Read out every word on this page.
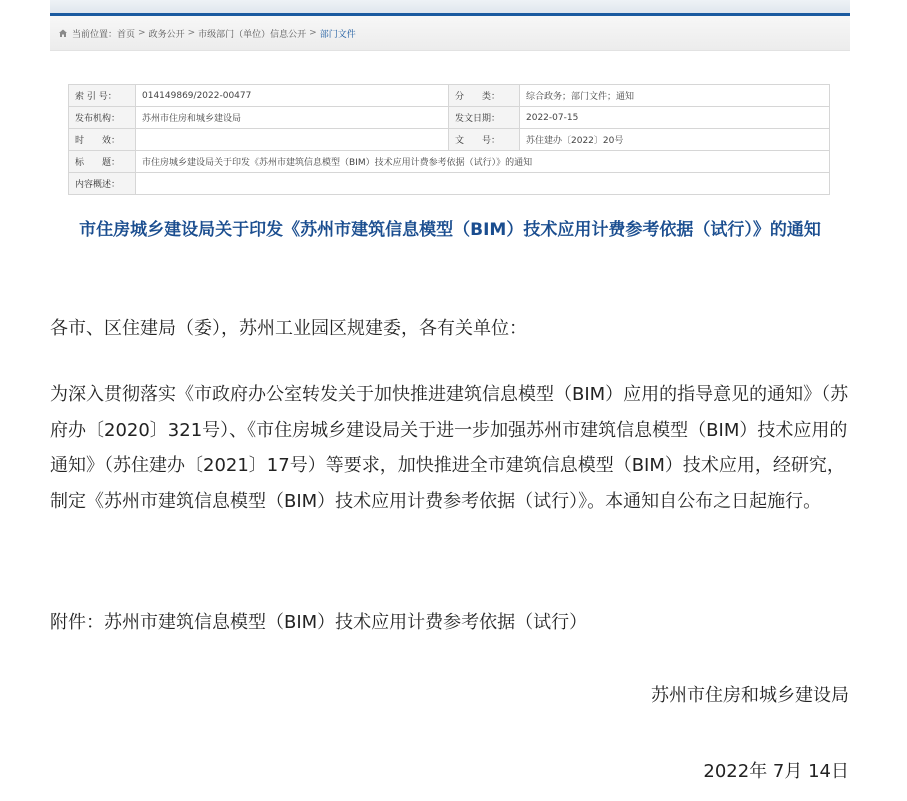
当前位置： 首页 > 政务公开 > 市级部门（单位）信息公开 > 部门文件
索 引 号：	014149869/2022-00477	分　　类：	综合政务；部门文件；通知
发布机构：	苏州市住房和城乡建设局	发文日期：	2022-07-15
时　　效：		文　　号：	苏住建办〔2022〕20号
标　　题：	市住房城乡建设局关于印发《苏州市建筑信息模型（BIM）技术应用计费参考依据（试行）》的通知		
内容概述：			
市住房城乡建设局关于印发《苏州市建筑信息模型（BIM）技术应用计费参考依据（试行）》的通知
各市、区住建局（委），苏州工业园区规建委，各有关单位：
为深入贯彻落实《市政府办公室转发关于加快推进建筑信息模型（BIM）应用的指导意见的通知》（苏府办〔2020〕321号）、《市住房城乡建设局关于进一步加强苏州市建筑信息模型（BIM）技术应用的通知》（苏住建办〔2021〕17号）等要求，加快推进全市建筑信息模型（BIM）技术应用，经研究，制定《苏州市建筑信息模型（BIM）技术应用计费参考依据（试行）》。本通知自公布之日起施行。
附件：苏州市建筑信息模型（BIM）技术应用计费参考依据（试行）
苏州市住房和城乡建设局
2022年 7月 14日
